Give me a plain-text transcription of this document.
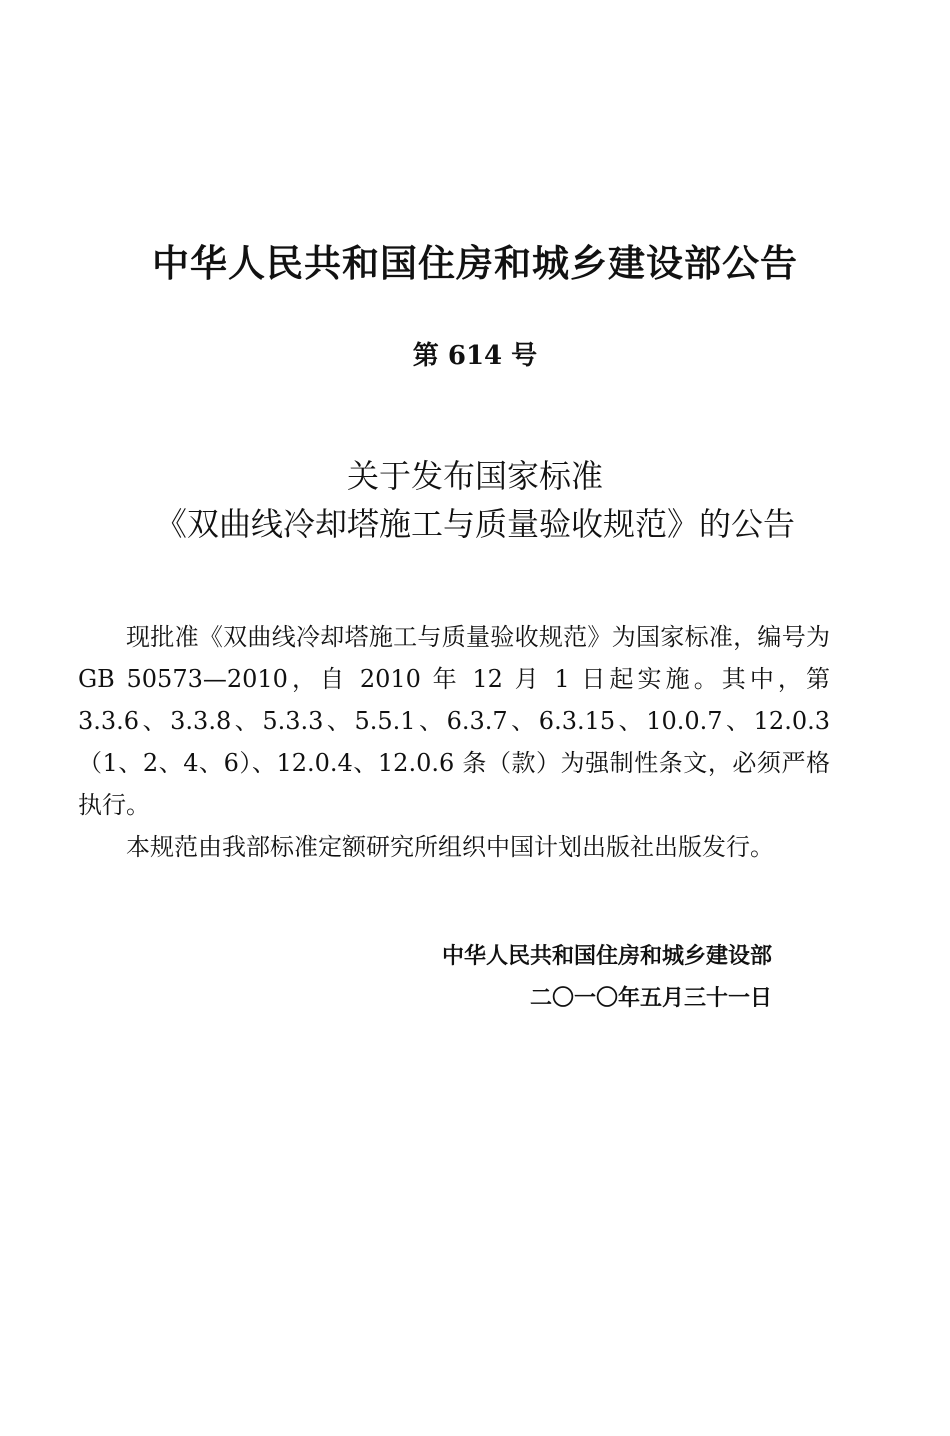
中华人民共和国住房和城乡建设部公告
第 614 号
关于发布国家标准
《双曲线冷却塔施工与质量验收规范》的公告

现批准《双曲线冷却塔施工与质量验收规范》为国家标准，编号为 GB 50573—2010，自 2010 年 12 月 1 日起实施。其中，第 3.3.6、3.3.8、5.3.3、5.5.1、6.3.7、6.3.15、10.0.7、12.0.3（1、2、4、6）、12.0.4、12.0.6 条（款）为强制性条文，必须严格执行。

本规范由我部标准定额研究所组织中国计划出版社出版发行。

中华人民共和国住房和城乡建设部
二〇一〇年五月三十一日
